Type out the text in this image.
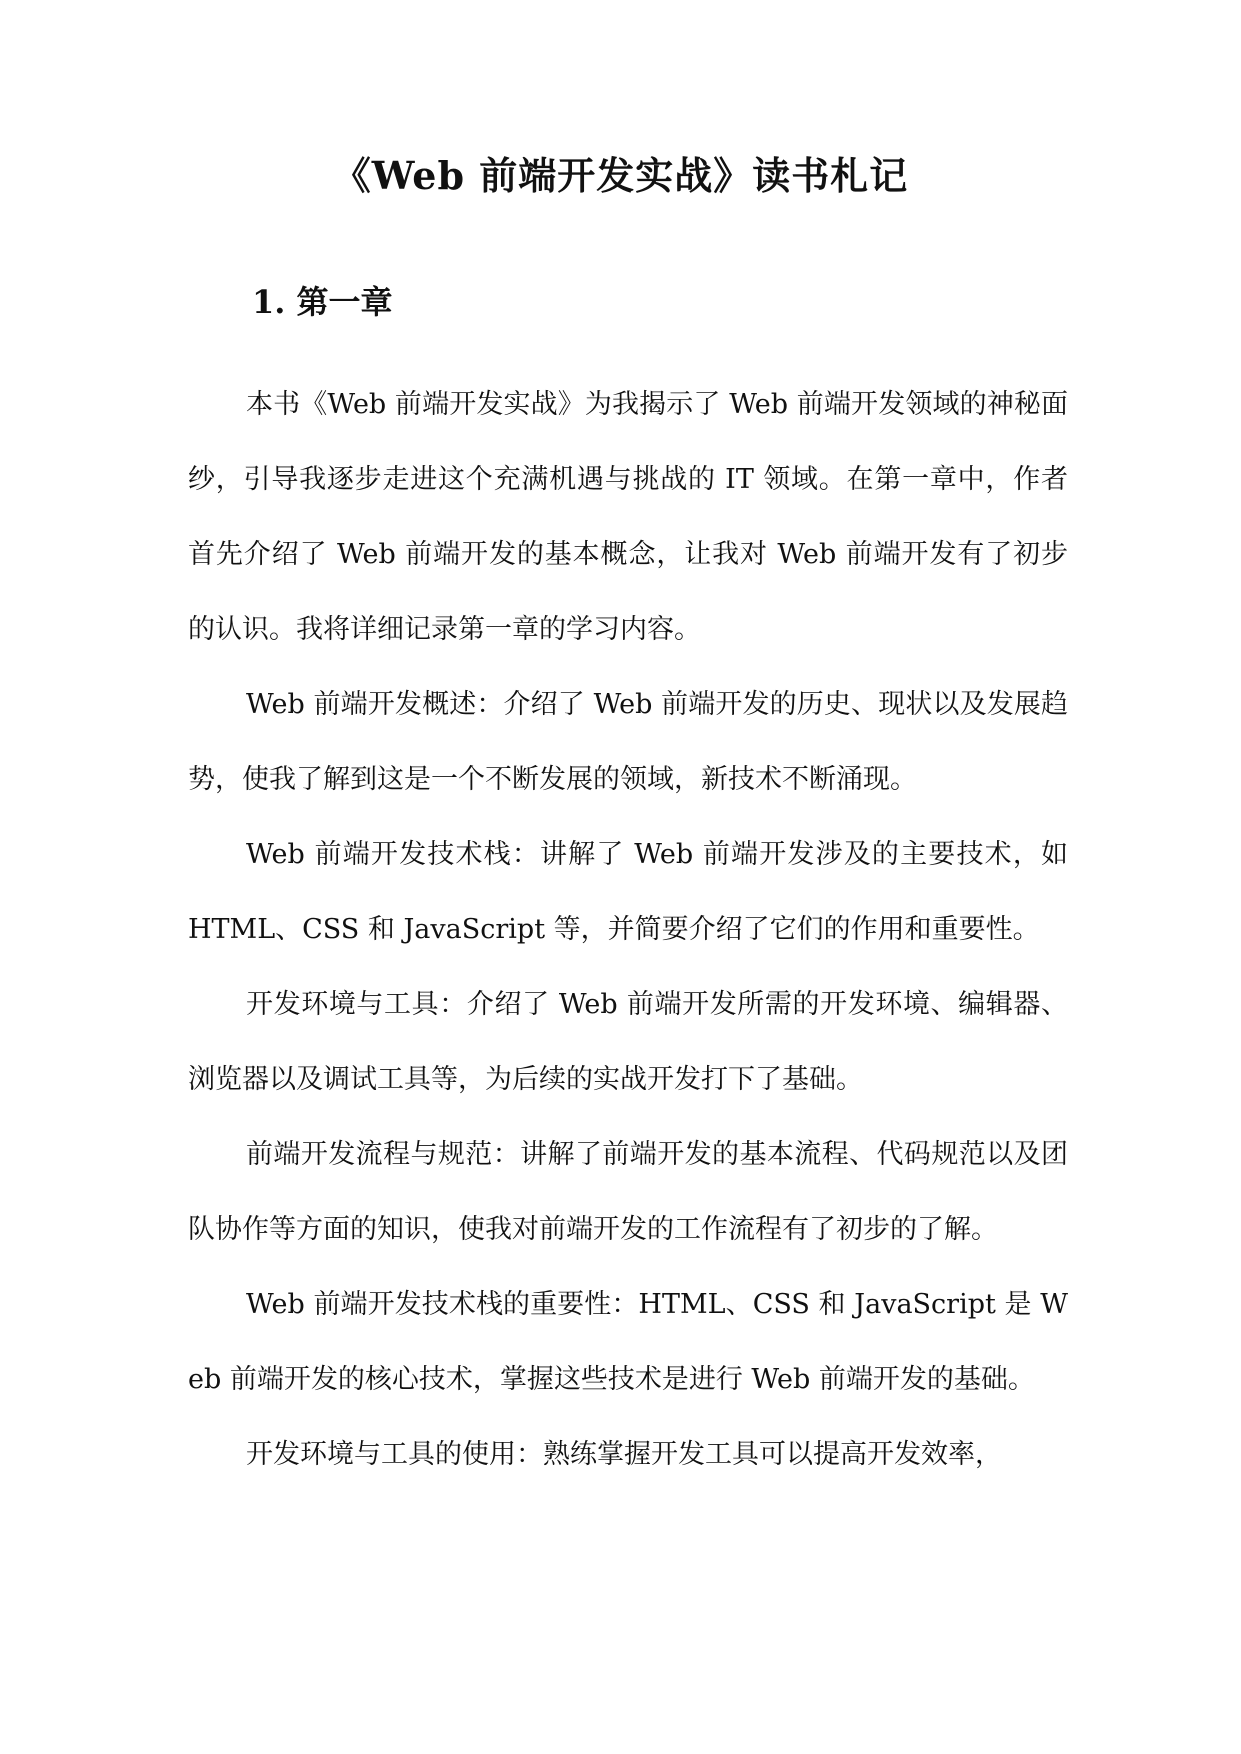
《Web 前端开发实战》读书札记
1. 第一章

本书《Web 前端开发实战》为我揭示了 Web 前端开发领域的神秘面纱，引导我逐步走进这个充满机遇与挑战的 IT 领域。在第一章中，作者首先介绍了 Web 前端开发的基本概念，让我对 Web 前端开发有了初步的认识。我将详细记录第一章的学习内容。

Web 前端开发概述：介绍了 Web 前端开发的历史、现状以及发展趋势，使我了解到这是一个不断发展的领域，新技术不断涌现。

Web 前端开发技术栈：讲解了 Web 前端开发涉及的主要技术，如 HTML、CSS 和 JavaScript 等，并简要介绍了它们的作用和重要性。

开发环境与工具：介绍了 Web 前端开发所需的开发环境、编辑器、浏览器以及调试工具等，为后续的实战开发打下了基础。

前端开发流程与规范：讲解了前端开发的基本流程、代码规范以及团队协作等方面的知识，使我对前端开发的工作流程有了初步的了解。

Web 前端开发技术栈的重要性：HTML、CSS 和 JavaScript 是 Web 前端开发的核心技术，掌握这些技术是进行 Web 前端开发的基础。

开发环境与工具的使用：熟练掌握开发工具可以提高开发效率，
